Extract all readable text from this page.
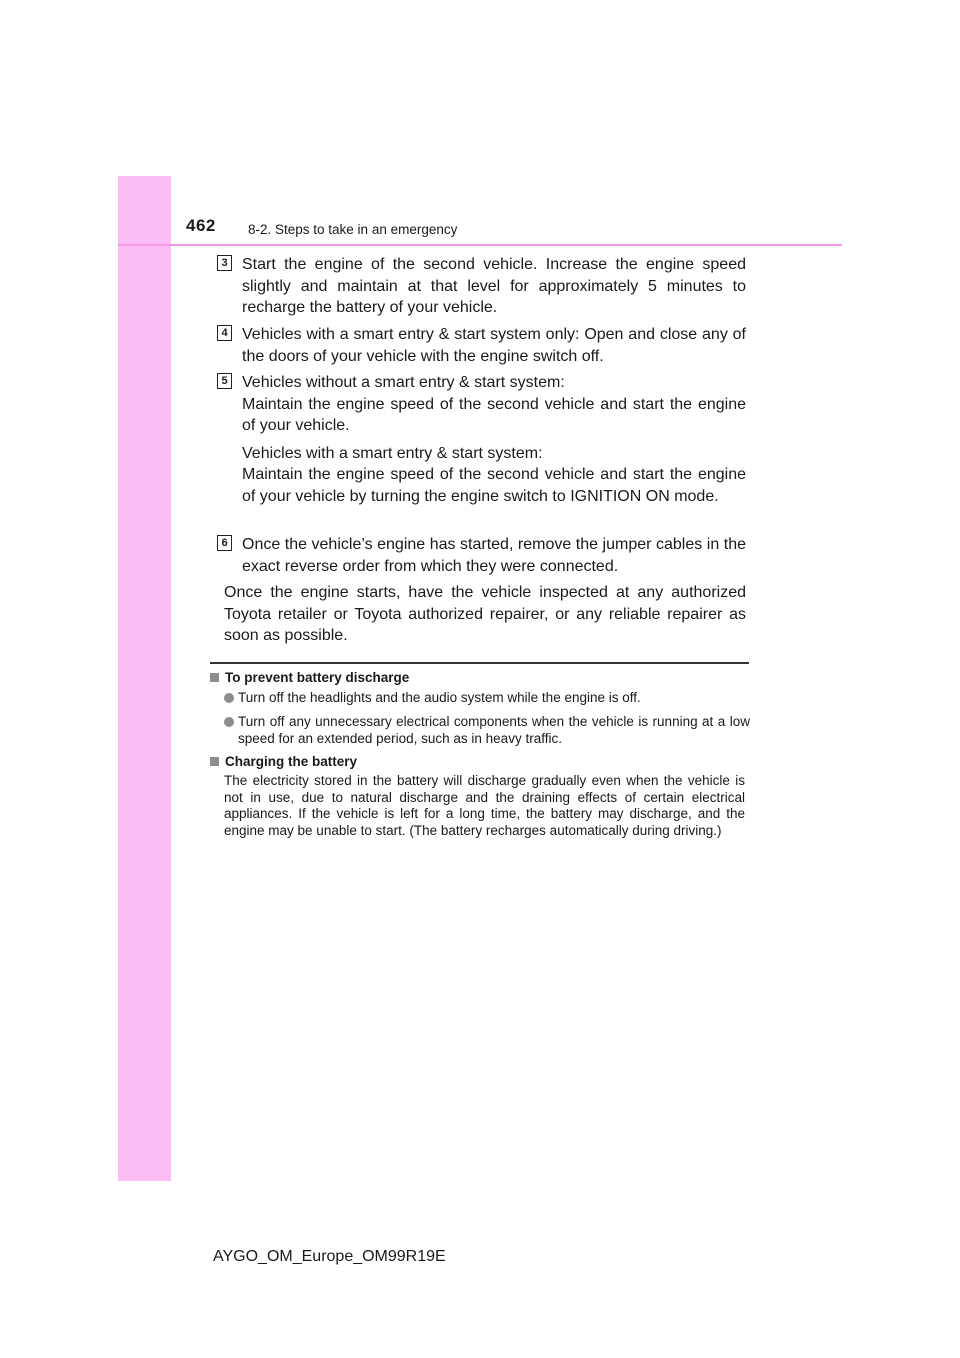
462 8-2. Steps to take in an emergency
3 Start the engine of the second vehicle. Increase the engine speed slightly and maintain at that level for approximately 5 minutes to recharge the battery of your vehicle.

4 Vehicles with a smart entry & start system only: Open and close any of the doors of your vehicle with the engine switch off.

5 Vehicles without a smart entry & start system:

Maintain the engine speed of the second vehicle and start the engine of your vehicle.

Vehicles with a smart entry & start system:

Maintain the engine speed of the second vehicle and start the engine of your vehicle by turning the engine switch to IGNITION ON mode.

6 Once the vehicle’s engine has started, remove the jumper cables in the exact reverse order from which they were connected.

Once the engine starts, have the vehicle inspected at any authorized Toyota retailer or Toyota authorized repairer, or any reliable repairer as soon as possible.

To prevent battery discharge
Turn off the headlights and the audio system while the engine is off.
Turn off any unnecessary electrical components when the vehicle is running at a low speed for an extended period, such as in heavy traffic.
Charging the battery

The electricity stored in the battery will discharge gradually even when the vehicle is not in use, due to natural discharge and the draining effects of certain electrical appliances. If the vehicle is left for a long time, the battery may discharge, and the engine may be unable to start. (The battery recharges automatically during driving.)

AYGO_OM_Europe_OM99R19E
